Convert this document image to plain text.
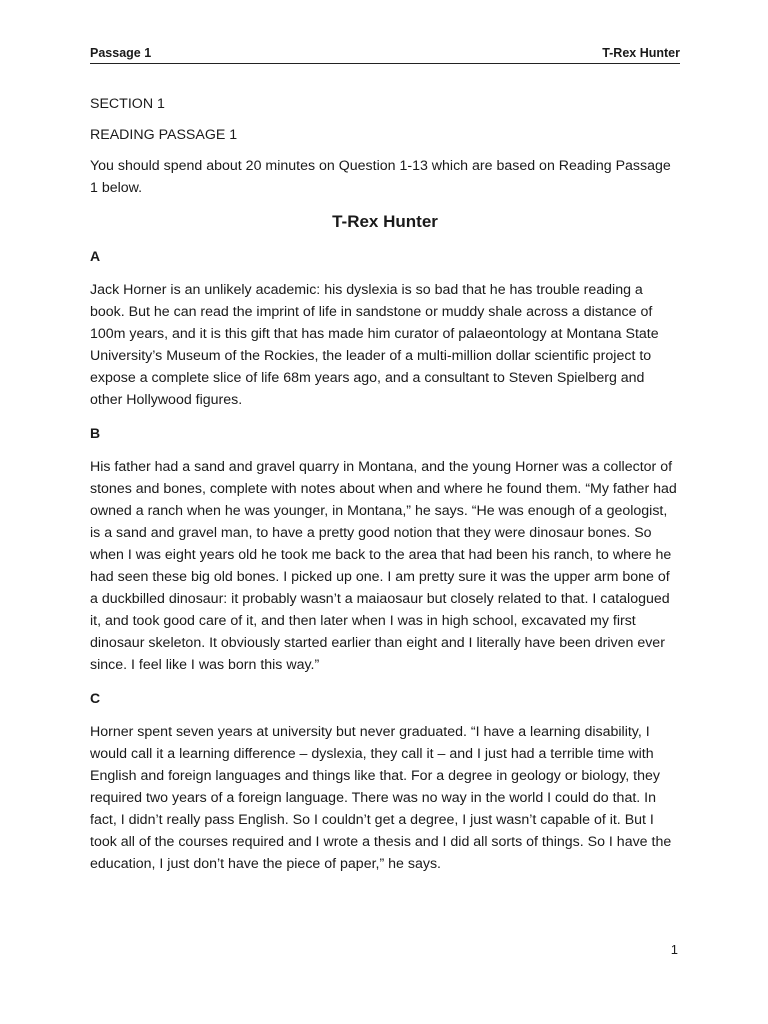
Passage 1	T-Rex Hunter

SECTION 1

READING PASSAGE 1

You should spend about 20 minutes on Question 1-13 which are based on Reading Passage 1 below.

T-Rex Hunter

A

Jack Horner is an unlikely academic: his dyslexia is so bad that he has trouble reading a book. But he can read the imprint of life in sandstone or muddy shale across a distance of 100m years, and it is this gift that has made him curator of palaeontology at Montana State University’s Museum of the Rockies, the leader of a multi-million dollar scientific project to expose a complete slice of life 68m years ago, and a consultant to Steven Spielberg and other Hollywood figures.

B

His father had a sand and gravel quarry in Montana, and the young Horner was a collector of stones and bones, complete with notes about when and where he found them. “My father had owned a ranch when he was younger, in Montana,” he says. “He was enough of a geologist, is a sand and gravel man, to have a pretty good notion that they were dinosaur bones. So when I was eight years old he took me back to the area that had been his ranch, to where he had seen these big old bones. I picked up one. I am pretty sure it was the upper arm bone of a duckbilled dinosaur: it probably wasn’t a maiaosaur but closely related to that. I catalogued it, and took good care of it, and then later when I was in high school, excavated my first dinosaur skeleton. It obviously started earlier than eight and I literally have been driven ever since. I feel like I was born this way.”

C

Horner spent seven years at university but never graduated. “I have a learning disability, I would call it a learning difference – dyslexia, they call it – and I just had a terrible time with English and foreign languages and things like that. For a degree in geology or biology, they required two years of a foreign language. There was no way in the world I could do that. In fact, I didn’t really pass English. So I couldn’t get a degree, I just wasn’t capable of it. But I took all of the courses required and I wrote a thesis and I did all sorts of things. So I have the education, I just don’t have the piece of paper,” he says.

1
